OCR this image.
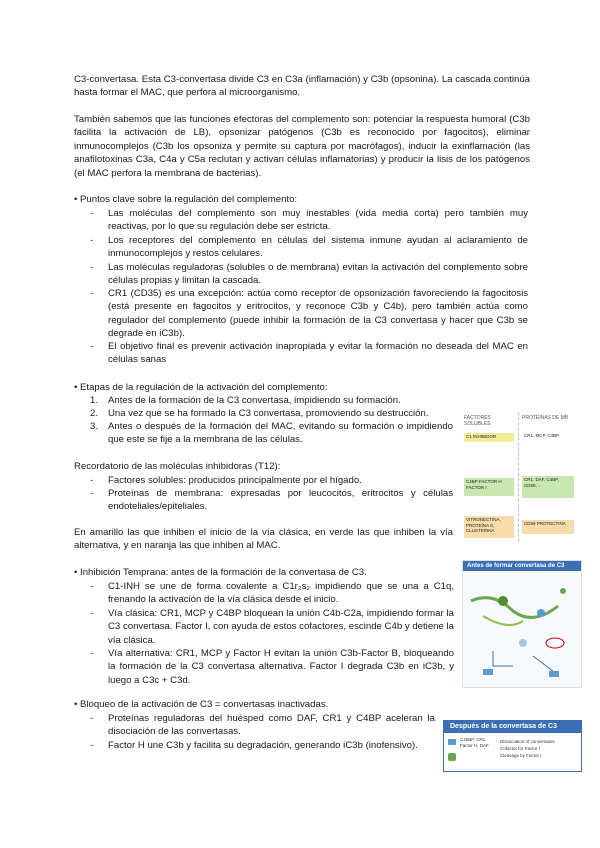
C3-convertasa. Esta C3-convertasa divide C3 en C3a (inflamación) y C3b (opsonina). La cascada continúa hasta formar el MAC, que perfora al microorganismo.
También sabemos que las funciones efectoras del complemento son: potenciar la respuesta humoral (C3b facilita la activación de LB), opsonizar patógenos (C3b es reconocido por fagocitos), eliminar inmunocomplejos (C3b los opsoniza y permite su captura por macrófagos), inducir la exinflamación (las anafilotoxinas C3a, C4a y C5a reclutan y activan células inflamatorias) y producir la lisis de los patógenos (el MAC perfora la membrana de bacterias).
• Puntos clave sobre la regulación del complemento:
- Las moléculas del complemento son muy inestables (vida media corta) pero también muy reactivas, por lo que su regulación debe ser estricta.
- Los receptores del complemento en células del sistema inmune ayudan al aclaramiento de inmunocomplejos y restos celulares.
- Las moléculas reguladoras (solubles o de membrana) evitan la activación del complemento sobre células propias y limitan la cascada.
- CR1 (CD35) es una excepción: actúa como receptor de opsonización favoreciendo la fagocitosis (está presente en fagocitos y eritrocitos, y reconoce C3b y C4b), pero también actúa como regulador del complemento (puede inhibir la formación de la C3 convertasa y hacer que C3b se degrade en iC3b).
- El objetivo final es prevenir activación inapropiada y evitar la formación no deseada del MAC en células sanas
• Etapas de la regulación de la activación del complemento:
1. Antes de la formación de la C3 convertasa, impidiendo su formación.
2. Una vez que se ha formado la C3 convertasa, promoviendo su destrucción.
3. Antes o después de la formación del MAC, evitando su formación o impidiendo que este se fije a la membrana de las células.
Recordatorio de las moléculas inhibidoras (T12):
- Factores solubles: producidos principalmente por el hígado.
- Proteínas de membrana: expresadas por leucocitos, eritrocitos y células endoteliales/epiteliales.
En amarillo las que inhiben el inicio de la vía clásica, en verde las que inhiben la vía alternativa, y en naranja las que inhiben al MAC.
• Inhibición Temprana: antes de la formación de la convertasa de C3.
- C1-INH se une de forma covalente a C1r₂s₂ impidiendo que se una a C1q, frenando la activación de la vía clásica desde el inicio.
- Vía clásica: CR1, MCP y C4BP bloquean la unión C4b-C2a, impidiendo formar la C3 convertasa. Factor I, con ayuda de estos cofactores, escinde C4b y detiene la vía clásica.
- Vía alternativa: CR1, MCP y Factor H evitan la unión C3b-Factor B, bloqueando la formación de la C3 convertasa alternativa. Factor I degrada C3b en iC3b, y luego a C3c + C3d.
• Bloqueo de la activación de C3 = convertasas inactivadas.
- Proteínas reguladoras del huésped como DAF, CR1 y C4BP aceleran la disociación de las convertasas.
- Factor H une C3b y facilita su degradación, generando iC3b (inofensivo).
FACTORES SOLUBLES
PROTEÍNAS DE MB
C1 INHIBIDOR	CR1, MCP, C4BP
C4BP FACTOR H FACTOR I
CR1, DAF, C4BP, CD59, ...
VITRONECTINA, PROTEÍNA S, CLUSTERINA
CD59 PROTECTINA
Antes de formar convertasa de C3
Después de la convertasa de C3
C4bBP, CR1 Factor H, DAF
Dissociation of convertases
Cofactor for Factor I
Cleavage by Factor I
